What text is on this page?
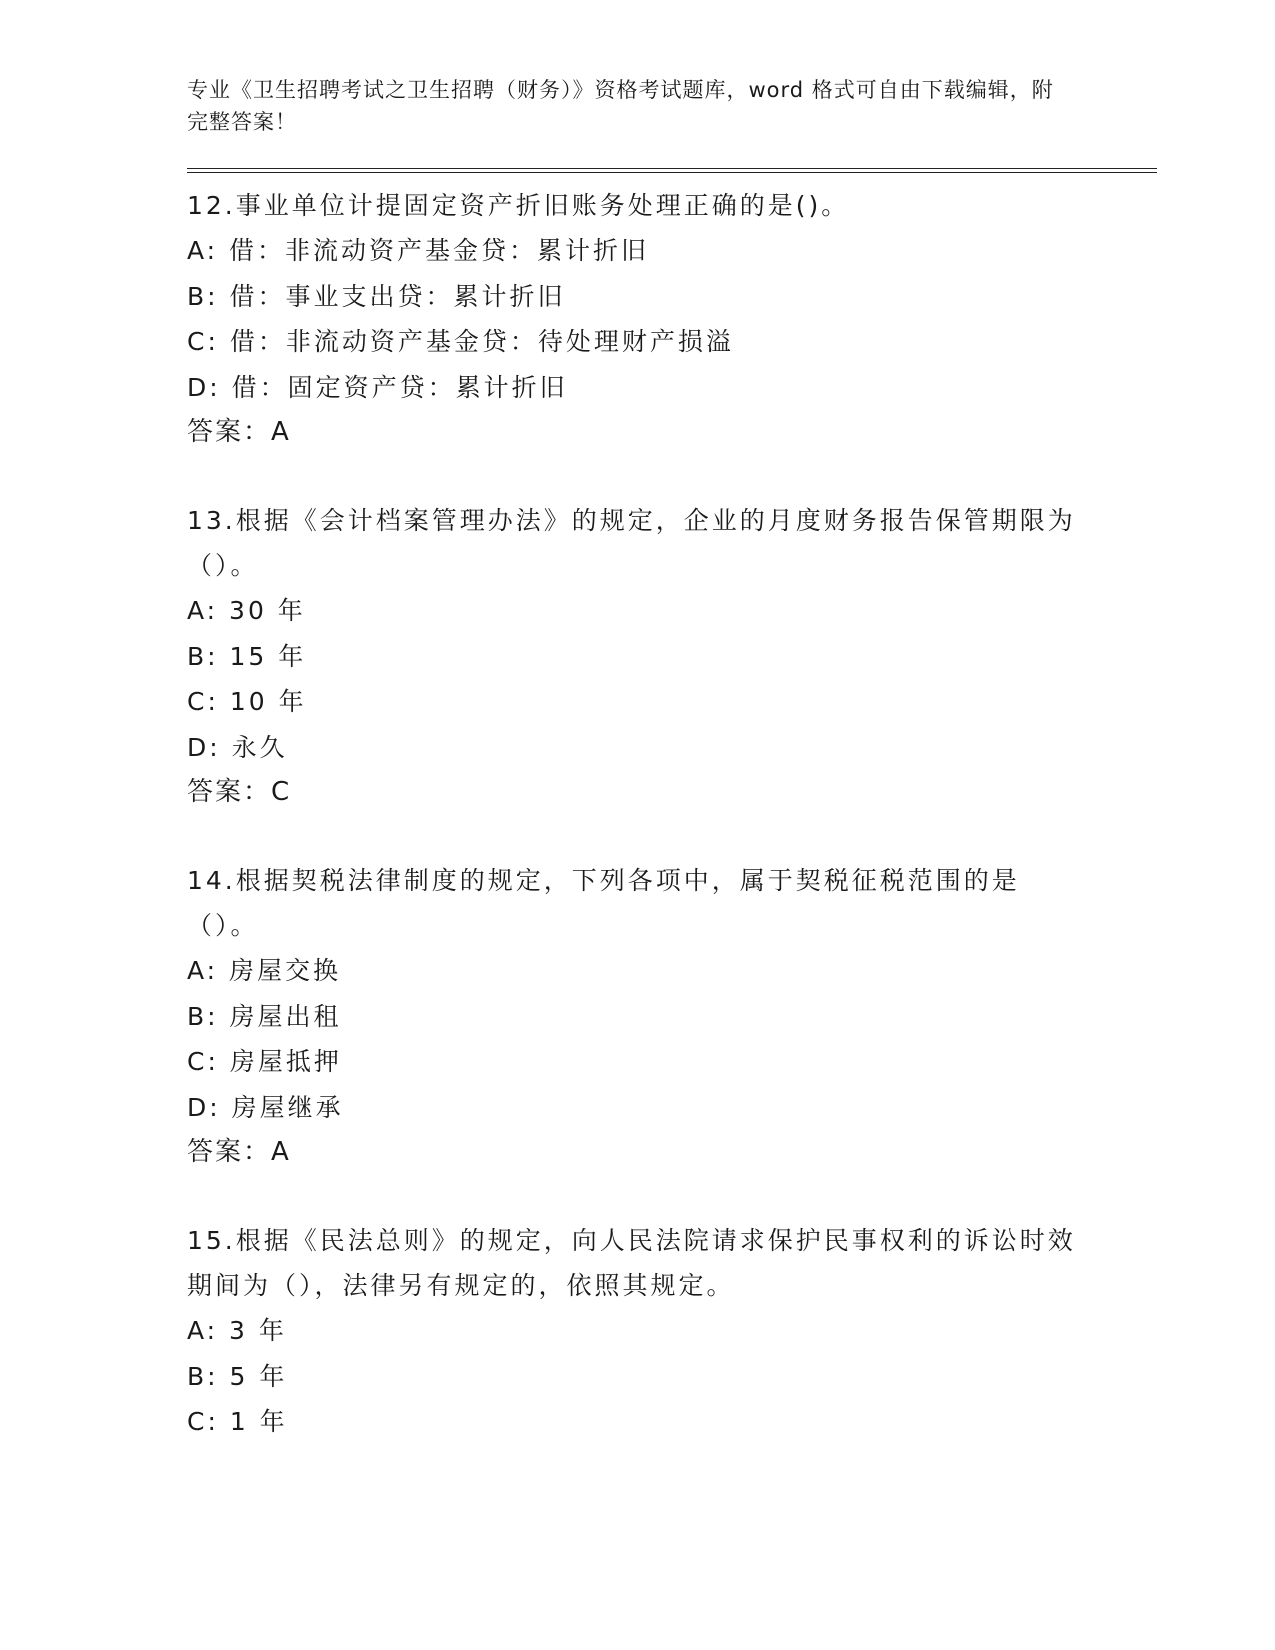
专业《卫生招聘考试之卫生招聘（财务）》资格考试题库，word 格式可自由下载编辑，附完整答案！

12.事业单位计提固定资产折旧账务处理正确的是()。

A: 借：非流动资产基金贷：累计折旧

B: 借：事业支出贷：累计折旧

C: 借：非流动资产基金贷：待处理财产损溢

D: 借：固定资产贷：累计折旧

答案：A

13.根据《会计档案管理办法》的规定，企业的月度财务报告保管期限为（）。

A: 30 年

B: 15 年

C: 10 年

D: 永久

答案：C

14.根据契税法律制度的规定，下列各项中，属于契税征税范围的是（）。

A: 房屋交换

B: 房屋出租

C: 房屋抵押

D: 房屋继承

答案：A

15.根据《民法总则》的规定，向人民法院请求保护民事权利的诉讼时效期间为（），法律另有规定的，依照其规定。

A: 3 年

B: 5 年

C: 1 年
